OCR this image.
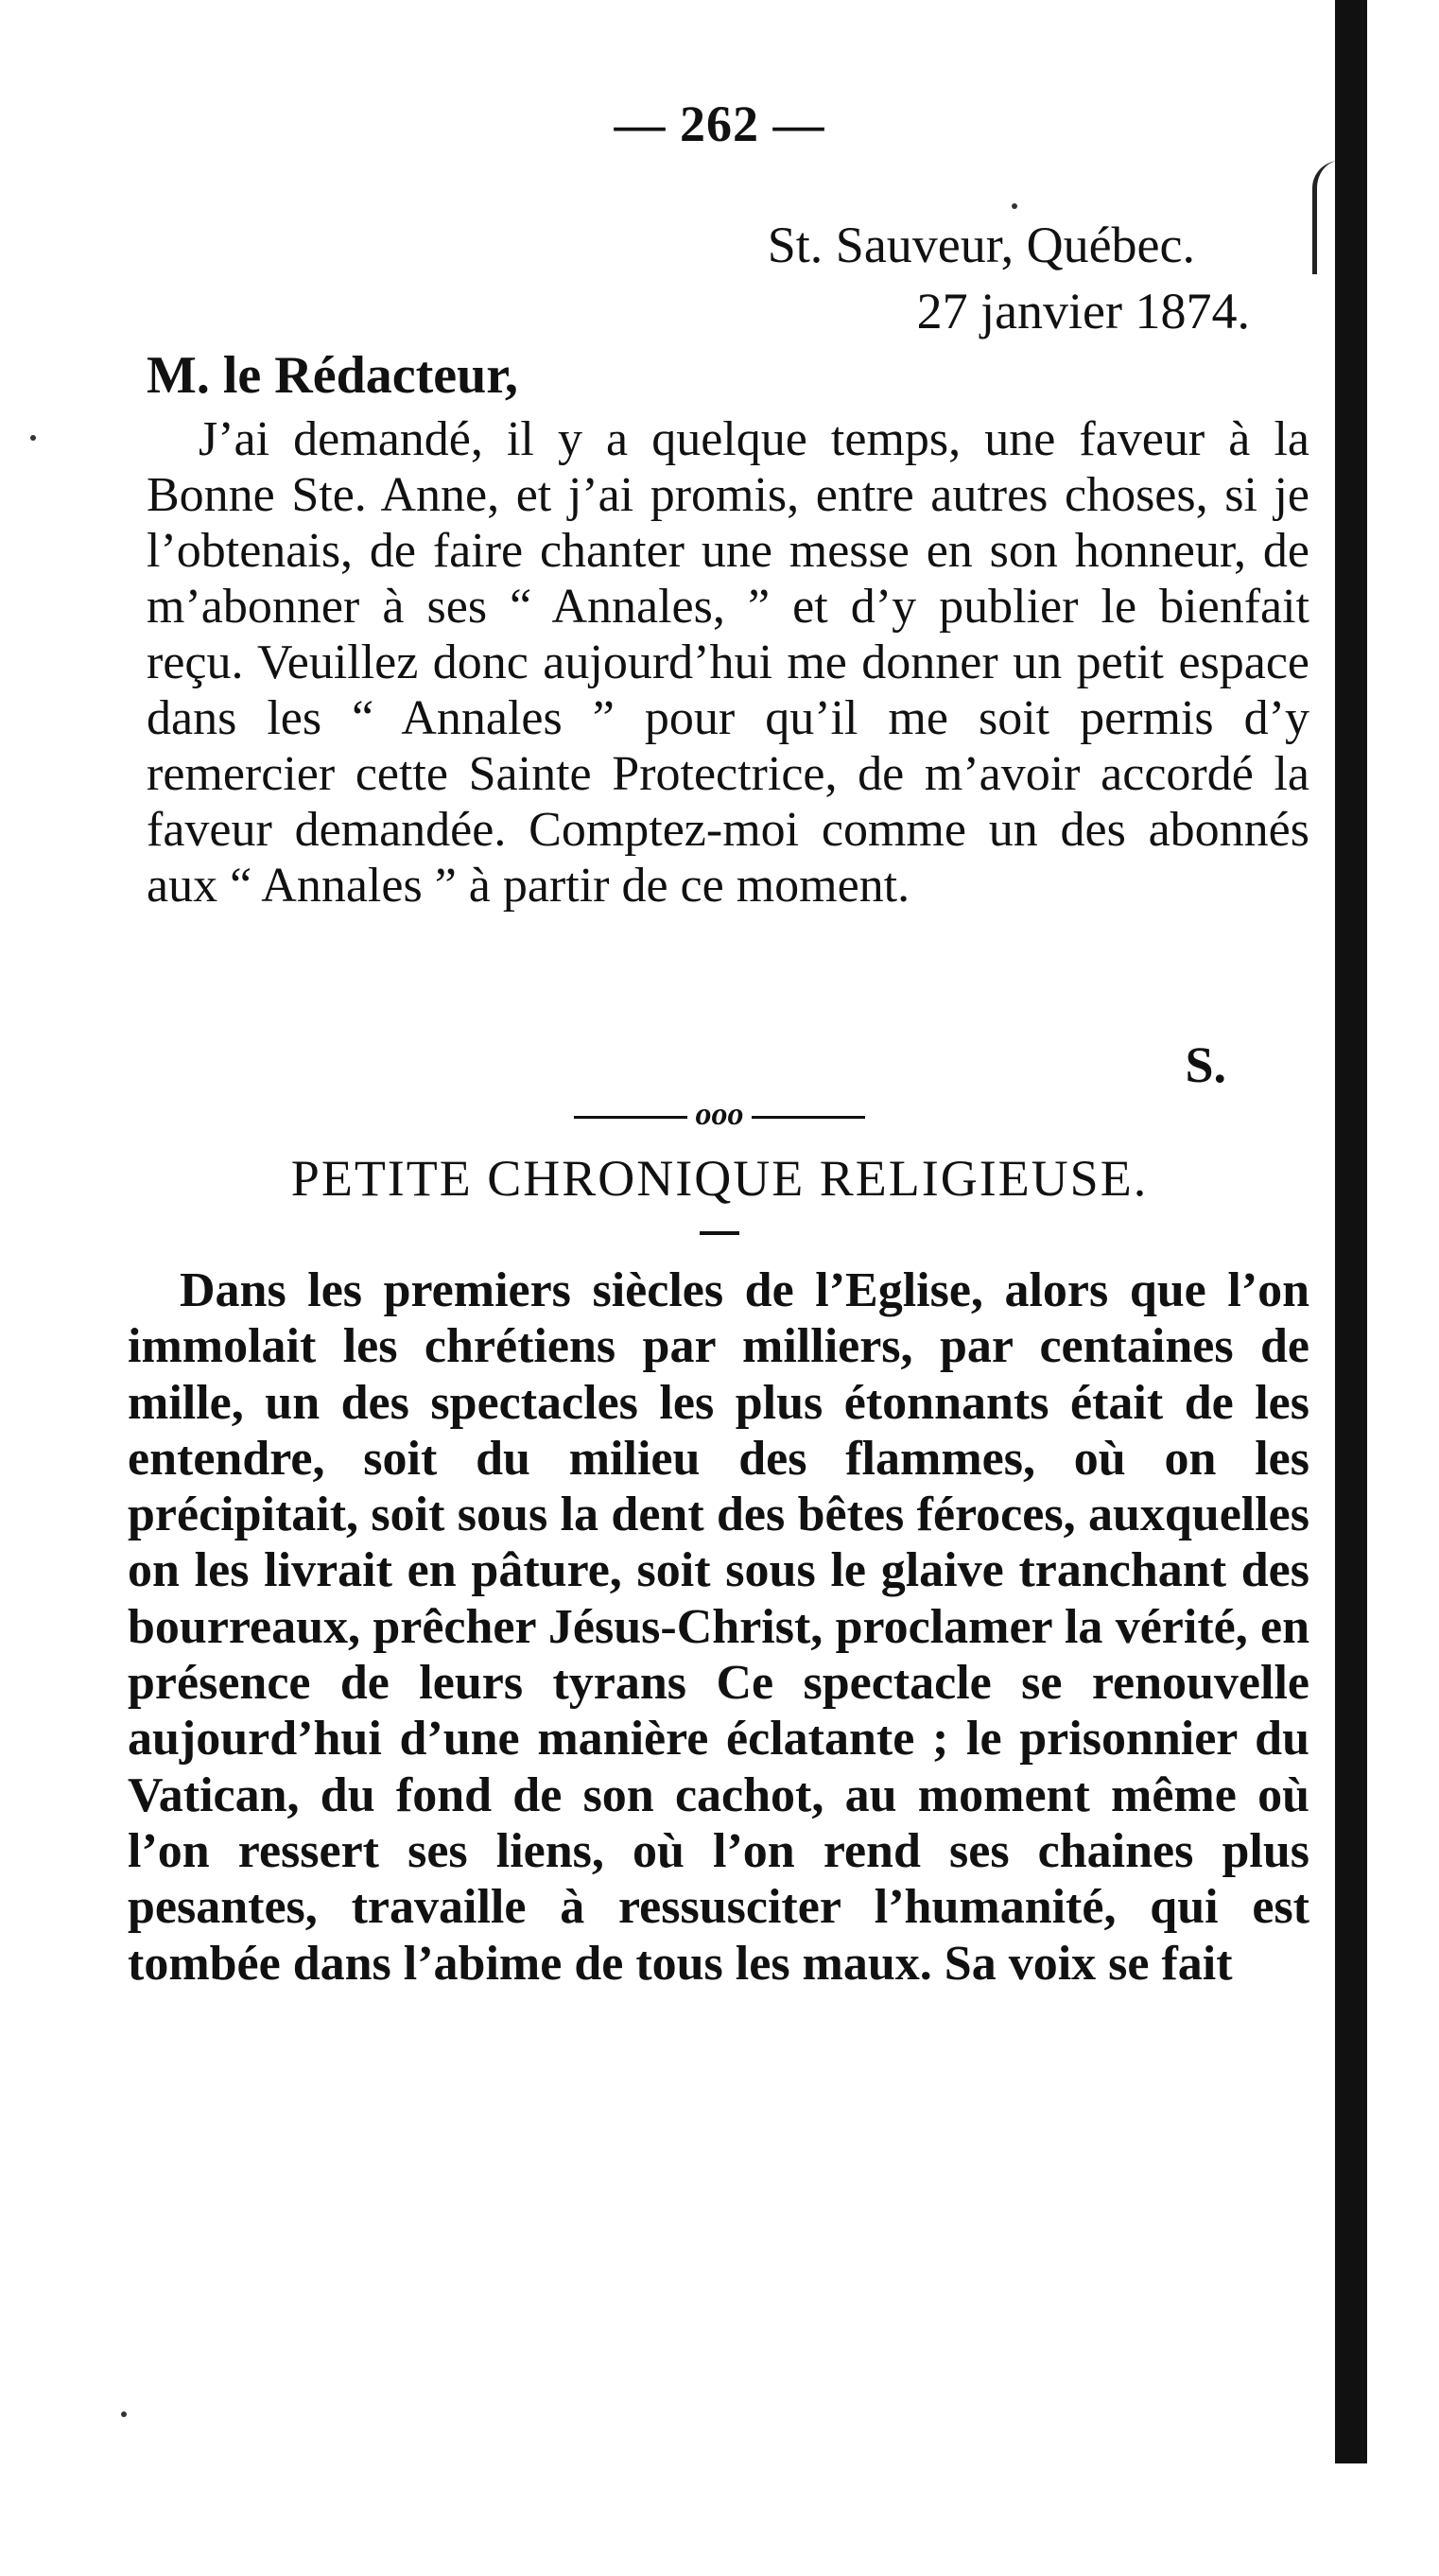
— 262 —
St. Sauveur, Québec.
27 janvier 1874.
M. le Rédacteur,

J’ai demandé, il y a quelque temps, une faveur à la Bonne Ste. Anne, et j’ai promis, entre autres choses, si je l’obtenais, de faire chanter une messe en son honneur, de m’abonner à ses “ Annales, ” et d’y publier le bienfait reçu. Veuillez donc aujourd’hui me donner un petit espace dans les “ Annales ” pour qu’il me soit permis d’y remercier cette Sainte Protectrice, de m’avoir accordé la faveur demandée. Comptez-moi comme un des abonnés aux “ Annales ” à partir de ce moment.

S.
ooo
PETITE CHRONIQUE RELIGIEUSE.

Dans les premiers siècles de l’Eglise, alors que l’on immolait les chrétiens par milliers, par centaines de mille, un des spectacles les plus étonnants était de les entendre, soit du milieu des flammes, où on les précipitait, soit sous la dent des bêtes féroces, auxquelles on les livrait en pâture, soit sous le glaive tranchant des bourreaux, prêcher Jésus-Christ, proclamer la vérité, en présence de leurs tyrans Ce spectacle se renouvelle aujourd’hui d’une manière éclatante ; le prisonnier du Vatican, du fond de son cachot, au moment même où l’on ressert ses liens, où l’on rend ses chaines plus pesantes, travaille à ressusciter l’humanité, qui est tombée dans l’abime de tous les maux. Sa voix se fait
